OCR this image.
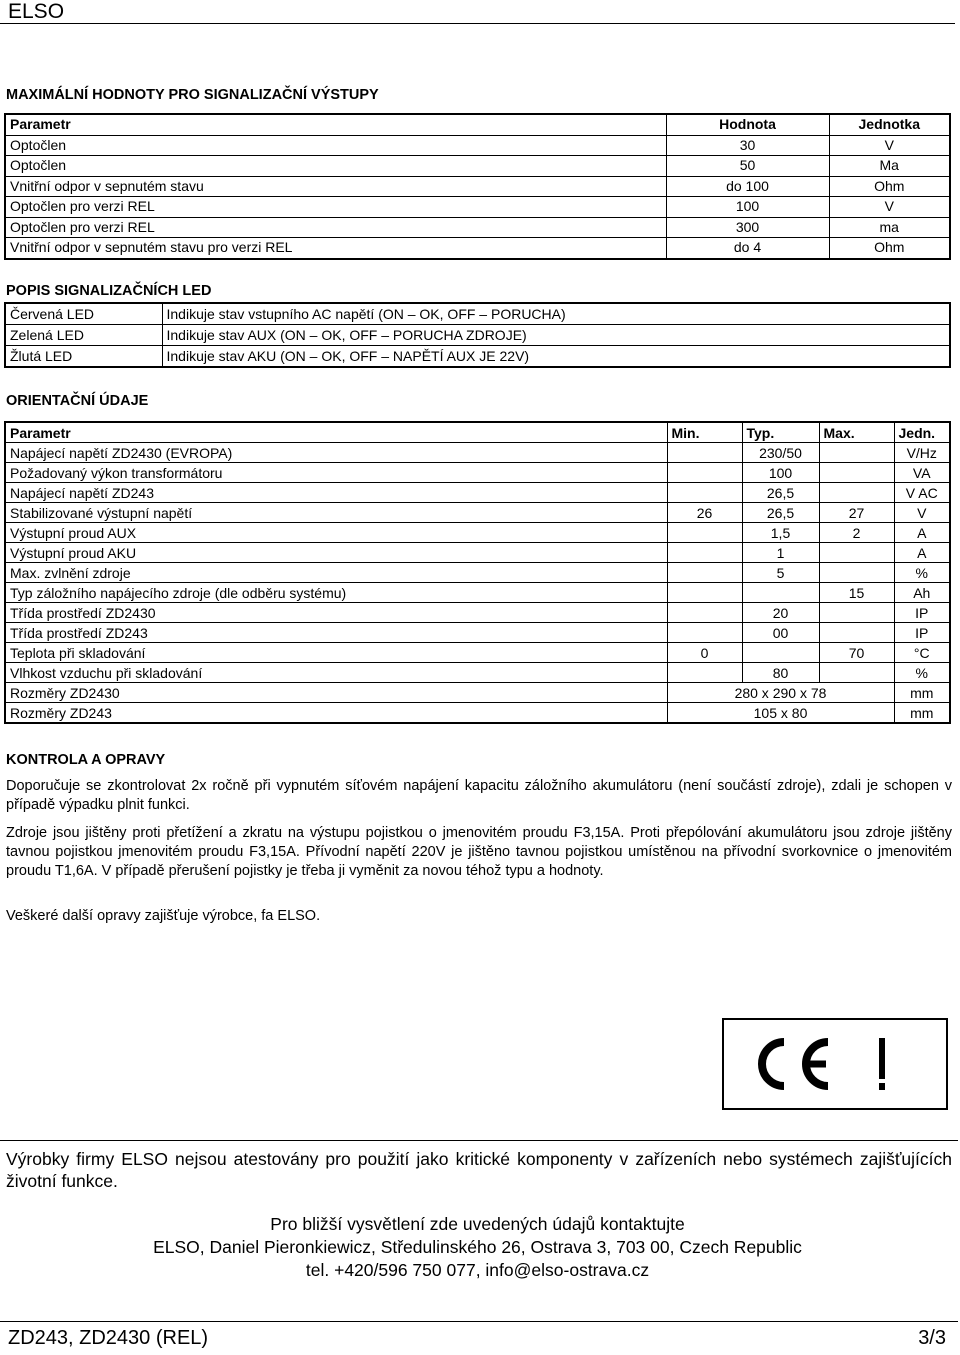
ELSO
MAXIMÁLNÍ HODNOTY PRO SIGNALIZAČNÍ VÝSTUPY
Parametr	Hodnota	Jednotka
Optočlen	30	V
Optočlen	50	Ma
Vnitřní odpor v sepnutém stavu	do 100	Ohm
Optočlen pro verzi REL	100	V
Optočlen pro verzi REL	300	ma
Vnitřní odpor v sepnutém stavu pro verzi REL	do 4	Ohm
POPIS SIGNALIZAČNÍCH LED
Červená LED	Indikuje stav vstupního AC napětí (ON – OK, OFF – PORUCHA)
Zelená LED	Indikuje stav AUX (ON – OK, OFF – PORUCHA ZDROJE)
Žlutá LED	Indikuje stav AKU (ON – OK, OFF – NAPĚTÍ AUX JE 22V)
ORIENTAČNÍ ÚDAJE
Parametr	Min.	Typ.	Max.	Jedn.
Napájecí napětí ZD2430 (EVROPA)		230/50		V/Hz
Požadovaný výkon transformátoru		100		VA
Napájecí napětí ZD243		26,5		V AC
Stabilizované výstupní napětí	26	26,5	27	V
Výstupní proud AUX		1,5	2	A
Výstupní proud AKU		1		A
Max. zvlnění zdroje		5		%
Typ záložního napájecího zdroje (dle odběru systému)			15	Ah
Třída prostředí ZD2430		20		IP
Třída prostředí ZD243		00		IP
Teplota při skladování	0		70	°C
Vlhkost vzduchu při skladování		80		%
Rozměry ZD2430	280 x 290 x 78			mm
Rozměry ZD243	105 x 80			mm
KONTROLA A OPRAVY
Doporučuje se zkontrolovat 2x ročně při vypnutém síťovém napájení kapacitu záložního akumulátoru (není součástí zdroje), zdali je schopen v případě výpadku plnit funkci.
Zdroje jsou jištěny proti přetížení a zkratu na výstupu pojistkou o jmenovitém proudu F3,15A. Proti přepólování akumulátoru jsou zdroje jištěny tavnou pojistkou jmenovitém proudu F3,15A. Přívodní napětí 220V je jištěno tavnou pojistkou umístěnou na přívodní svorkovnice o jmenovitém proudu T1,6A. V případě přerušení pojistky je třeba ji vyměnit za novou téhož typu a hodnoty.
Veškeré další opravy zajišťuje výrobce, fa ELSO.
Výrobky firmy ELSO nejsou atestovány pro použití jako kritické komponenty v zařízeních nebo systémech zajišťujících životní funkce.
Pro bližší vysvětlení zde uvedených údajů kontaktujte
ELSO, Daniel Pieronkiewicz, Středulinského 26, Ostrava 3, 703 00, Czech Republic
tel. +420/596 750 077, info@elso-ostrava.cz
ZD243, ZD2430 (REL)	3/3
